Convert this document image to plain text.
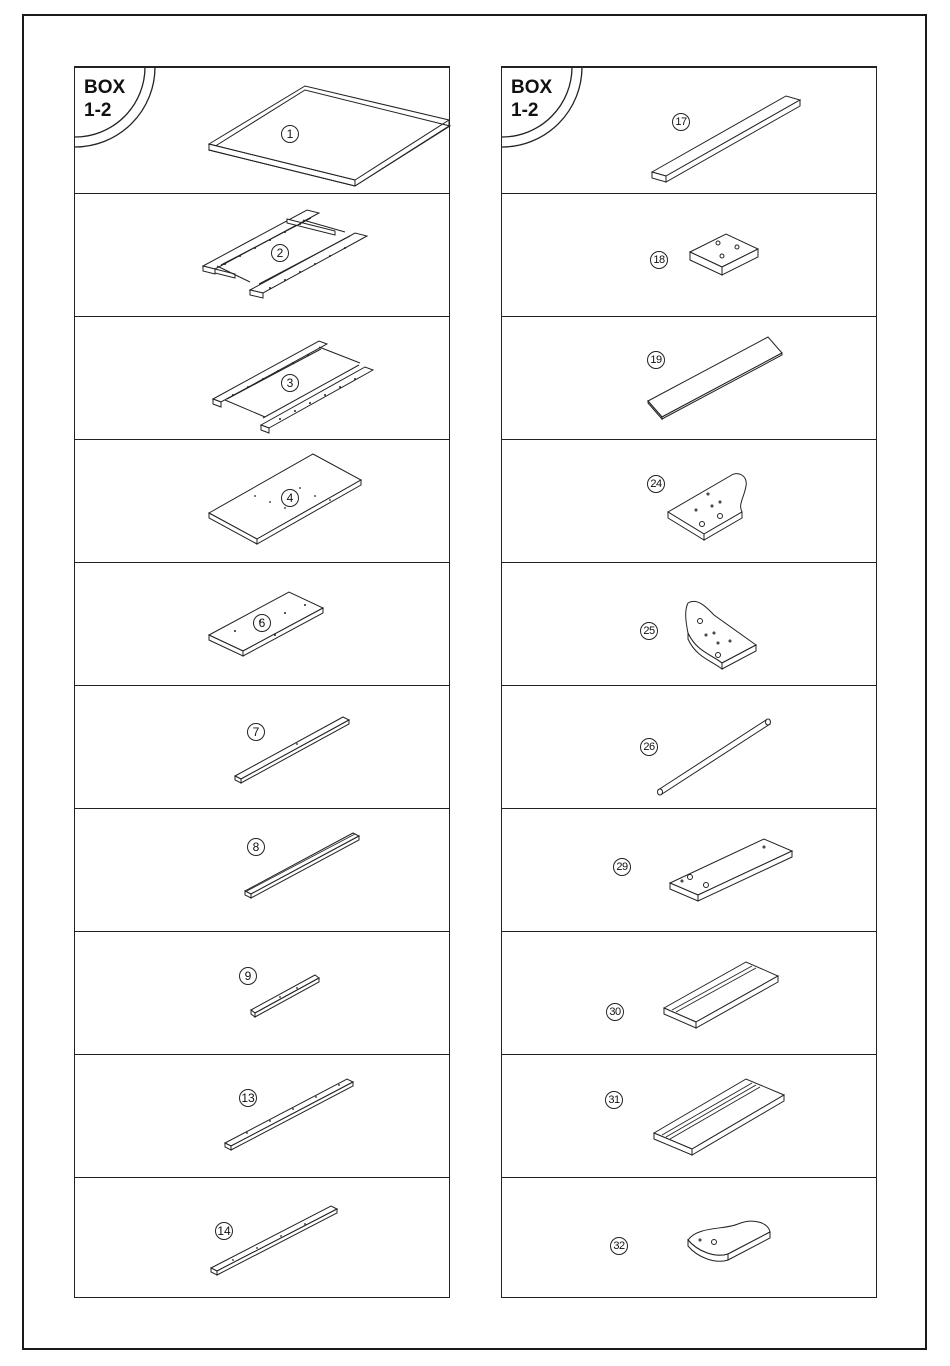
BOX
1-2
1
2
3
4
6
7
8
9
13
14
BOX
1-2
17
18
19
24
25
26
29
30
31
32
